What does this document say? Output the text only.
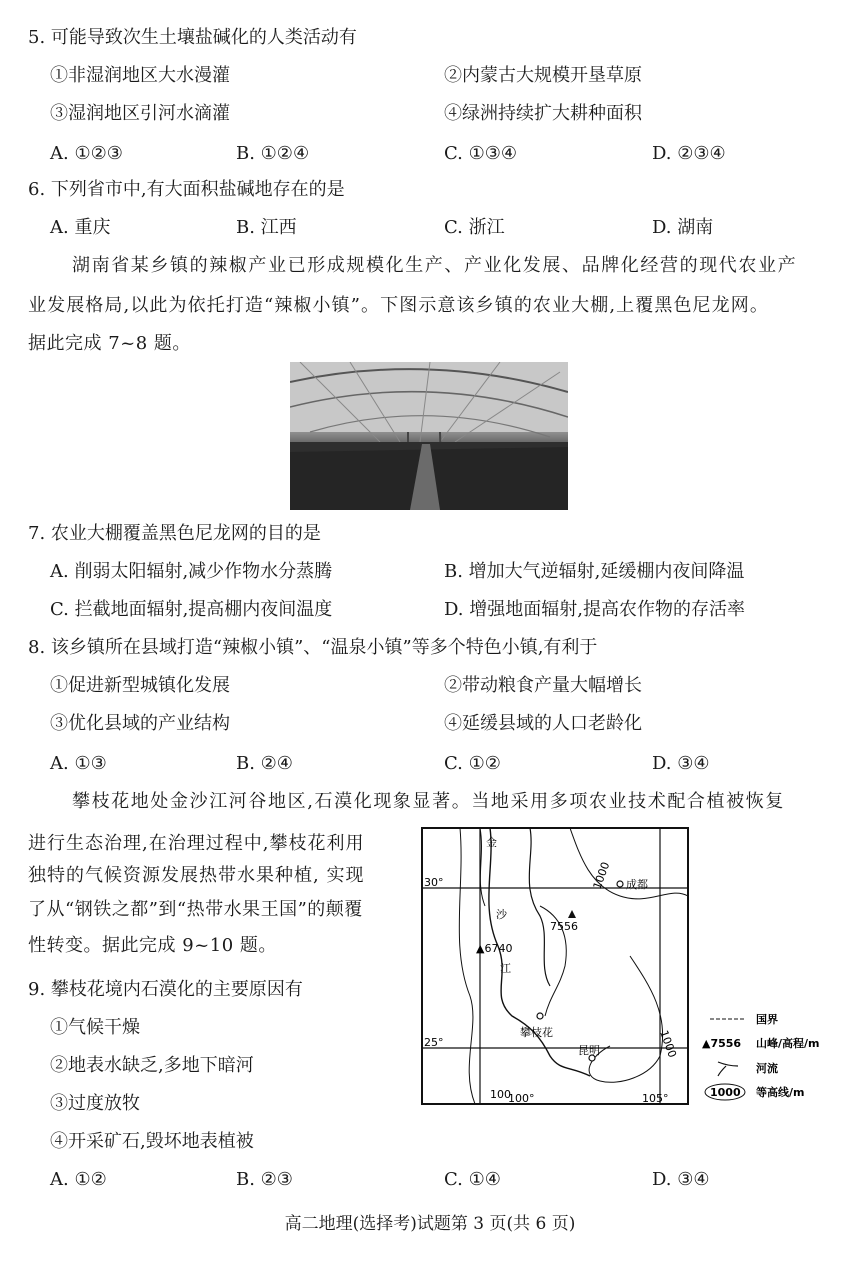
5. 可能导致次生土壤盐碱化的人类活动有
①非湿润地区大水漫灌	②内蒙古大规模开垦草原
③湿润地区引河水滴灌	④绿洲持续扩大耕种面积
A. ①②③	B. ①②④	C. ①③④	D. ②③④
6. 下列省市中,有大面积盐碱地存在的是
A. 重庆	B. 江西	C. 浙江	D. 湖南
湖南省某乡镇的辣椒产业已形成规模化生产、产业化发展、品牌化经营的现代农业产
业发展格局,以此为依托打造“辣椒小镇”。下图示意该乡镇的农业大棚,上覆黑色尼龙网。
据此完成 7~8 题。
7. 农业大棚覆盖黑色尼龙网的目的是
A. 削弱太阳辐射,减少作物水分蒸腾	B. 增加大气逆辐射,延缓棚内夜间降温
C. 拦截地面辐射,提高棚内夜间温度	D. 增强地面辐射,提高农作物的存活率
8. 该乡镇所在县域打造“辣椒小镇”、“温泉小镇”等多个特色小镇,有利于
①促进新型城镇化发展	②带动粮食产量大幅增长
③优化县域的产业结构	④延缓县域的人口老龄化
A. ①③	B. ②④	C. ①②	D. ③④
攀枝花地处金沙江河谷地区,石漠化现象显著。当地采用多项农业技术配合植被恢复
进行生态治理,在治理过程中,攀枝花利用
独特的气候资源发展热带水果种植, 实现
了从“钢铁之都”到“热带水果王国”的颠覆
性转变。据此完成 9~10 题。
9. 攀枝花境内石漠化的主要原因有
①气候干燥
②地表水缺乏,多地下暗河
③过度放牧
④开采矿石,毁坏地表植被
A. ①②	B. ②③	C. ①④	D. ③④
金
沙
江
成都
攀枝花
昆明
7556
▲6740
1000
1000
100
30°
25°
100°	105°
国界
▲7556 山峰/高程/m
河流
1000 等高线/m
高二地理(选择考)试题第 3 页(共 6 页)
